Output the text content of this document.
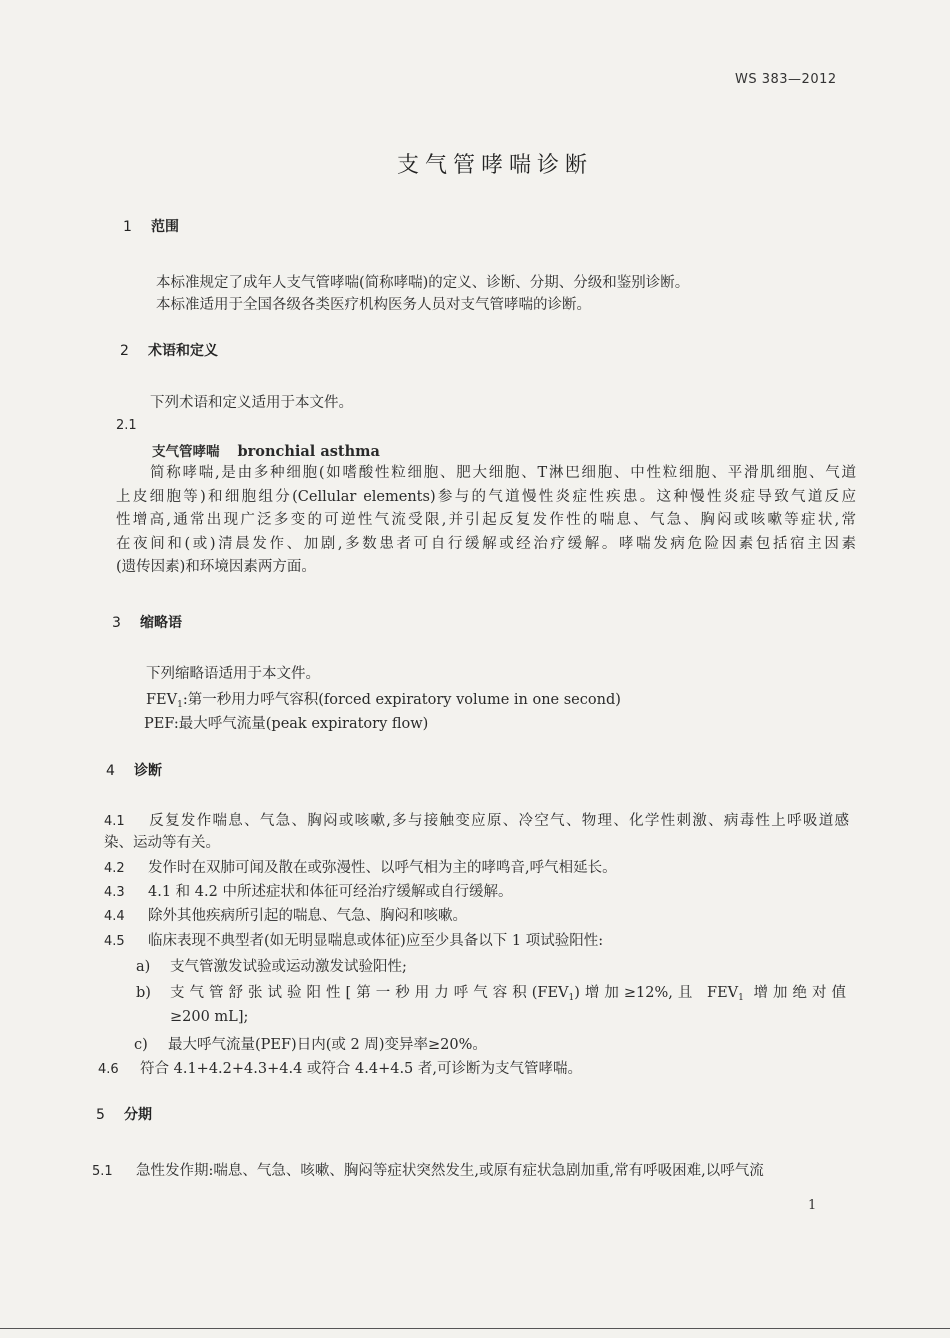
WS 383—2012
支气管哮喘诊断
1 范围
本标准规定了成年人支气管哮喘(简称哮喘)的定义、诊断、分期、分级和鉴别诊断。
本标准适用于全国各级各类医疗机构医务人员对支气管哮喘的诊断。
2 术语和定义
下列术语和定义适用于本文件。
2.1
支气管哮喘 bronchial asthma
简称哮喘,是由多种细胞(如嗜酸性粒细胞、肥大细胞、T淋巴细胞、中性粒细胞、平滑肌细胞、气道
上皮细胞等)和细胞组分(Cellular elements)参与的气道慢性炎症性疾患。这种慢性炎症导致气道反应
性增高,通常出现广泛多变的可逆性气流受限,并引起反复发作性的喘息、气急、胸闷或咳嗽等症状,常
在夜间和(或)清晨发作、加剧,多数患者可自行缓解或经治疗缓解。哮喘发病危险因素包括宿主因素
(遗传因素)和环境因素两方面。
3 缩略语
下列缩略语适用于本文件。
$FEV_1$:第一秒用力呼气容积(forced expiratory volume in one second)
PEF:最大呼气流量(peak expiratory flow)
4 诊断
4.1 反复发作喘息、气急、胸闷或咳嗽,多与接触变应原、冷空气、物理、化学性刺激、病毒性上呼吸道感
染、运动等有关。
4.2 发作时在双肺可闻及散在或弥漫性、以呼气相为主的哮鸣音,呼气相延长。
4.3 4.1 和 4.2 中所述症状和体征可经治疗缓解或自行缓解。
4.4 除外其他疾病所引起的喘息、气急、胸闷和咳嗽。
4.5 临床表现不典型者(如无明显喘息或体征)应至少具备以下 1 项试验阳性:
a) 支气管激发试验或运动激发试验阳性;
b)	支气管舒张试验阳性[第一秒用力呼气容积$(FEV_1)$增加≥12%,且 $FEV_1$ 增加绝对值
≥200 mL];
c) 最大呼气流量(PEF)日内(或 2 周)变异率≥20%。
4.6 符合 4.1+4.2+4.3+4.4 或符合 4.4+4.5 者,可诊断为支气管哮喘。
5 分期
5.1 急性发作期:喘息、气急、咳嗽、胸闷等症状突然发生,或原有症状急剧加重,常有呼吸困难,以呼气流
1
